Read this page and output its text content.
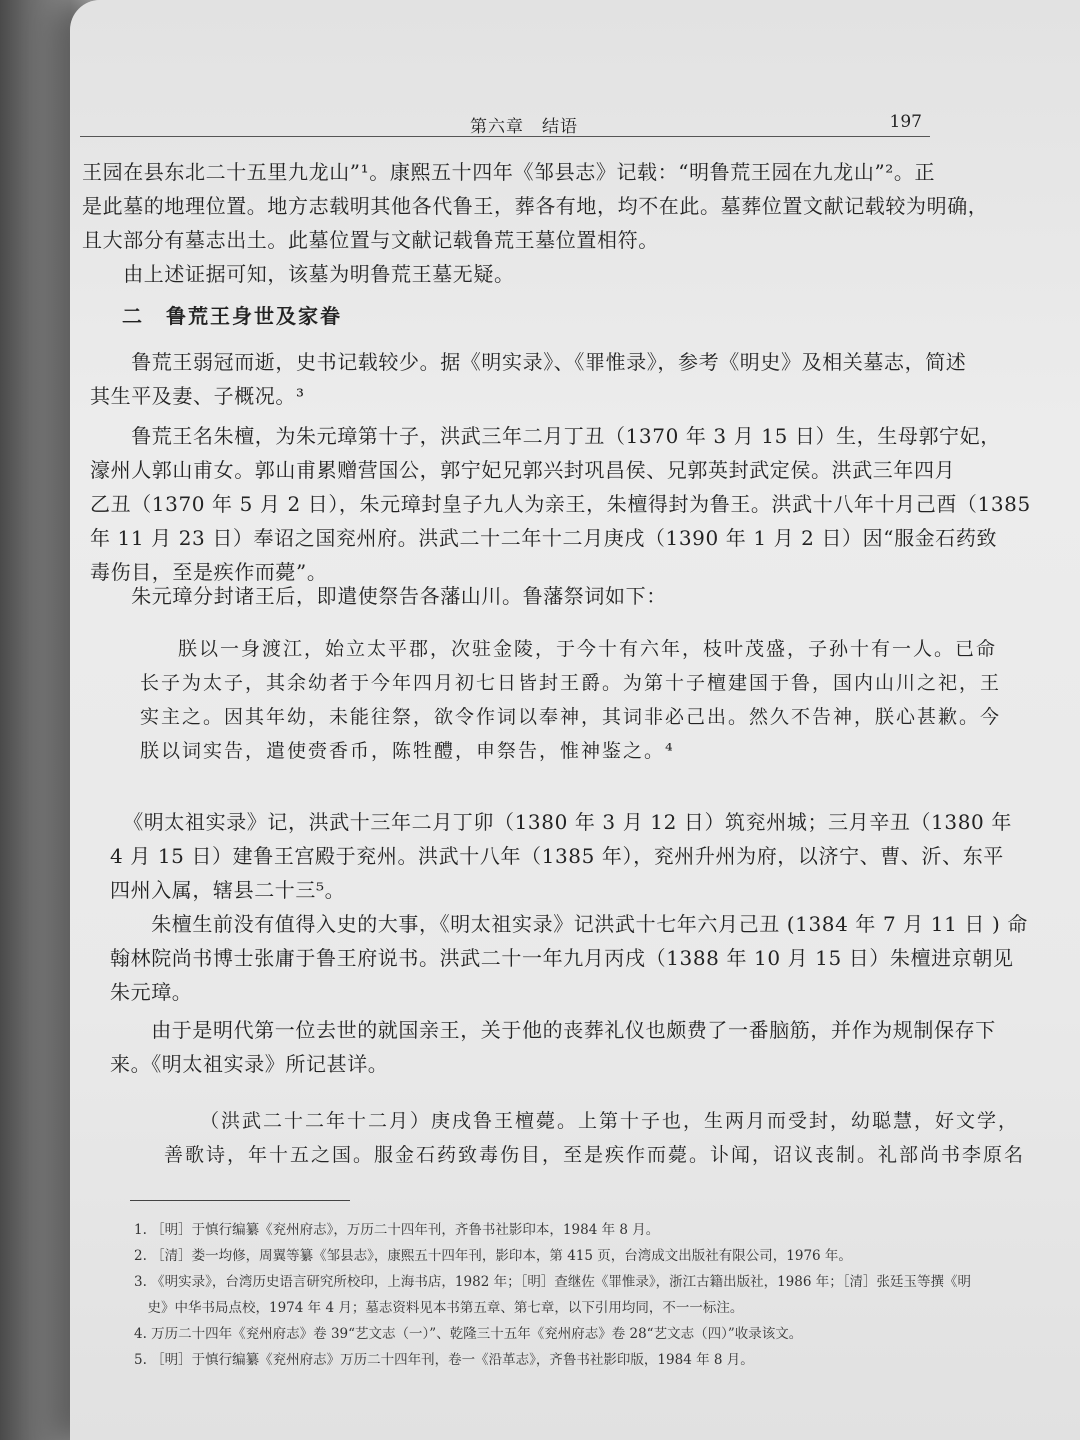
第六章　结语	197
王园在县东北二十五里九龙山”¹。康熙五十四年《邹县志》记载：“明鲁荒王园在九龙山”²。正
是此墓的地理位置。地方志载明其他各代鲁王，葬各有地，均不在此。墓葬位置文献记载较为明确，
且大部分有墓志出土。此墓位置与文献记载鲁荒王墓位置相符。
　　由上述证据可知，该墓为明鲁荒王墓无疑。
二　鲁荒王身世及家眷
　　鲁荒王弱冠而逝，史书记载较少。据《明实录》、《罪惟录》，参考《明史》及相关墓志，简述
其生平及妻、子概况。³
　　鲁荒王名朱檀，为朱元璋第十子，洪武三年二月丁丑（1370 年 3 月 15 日）生，生母郭宁妃，
濠州人郭山甫女。郭山甫累赠营国公，郭宁妃兄郭兴封巩昌侯、兄郭英封武定侯。洪武三年四月
乙丑（1370 年 5 月 2 日），朱元璋封皇子九人为亲王，朱檀得封为鲁王。洪武十八年十月己酉（1385
年 11 月 23 日）奉诏之国兖州府。洪武二十二年十二月庚戌（1390 年 1 月 2 日）因“服金石药致
毒伤目，至是疾作而薨”。
　　朱元璋分封诸王后，即遣使祭告各藩山川。鲁藩祭词如下：
朕以一身渡江，始立太平郡，次驻金陵，于今十有六年，枝叶茂盛，子孙十有一人。已命
长子为太子，其余幼者于今年四月初七日皆封王爵。为第十子檀建国于鲁，国内山川之祀，王
实主之。因其年幼，未能往祭，欲令作词以奉神，其词非必己出。然久不告神，朕心甚歉。今
朕以词实告，遣使赍香币，陈牲醴，申祭告，惟神鉴之。⁴
　　《明太祖实录》记，洪武十三年二月丁卯（1380 年 3 月 12 日）筑兖州城；三月辛丑（1380 年
4 月 15 日）建鲁王宫殿于兖州。洪武十八年（1385 年），兖州升州为府，以济宁、曹、沂、东平
四州入属，辖县二十三⁵。
　　朱檀生前没有值得入史的大事，《明太祖实录》记洪武十七年六月己丑 (1384 年 7 月 11 日 ) 命
翰林院尚书博士张庸于鲁王府说书。洪武二十一年九月丙戌（1388 年 10 月 15 日）朱檀进京朝见
朱元璋。
　　由于是明代第一位去世的就国亲王，关于他的丧葬礼仪也颇费了一番脑筋，并作为规制保存下
来。《明太祖实录》所记甚详。
（洪武二十二年十二月）庚戌鲁王檀薨。上第十子也，生两月而受封，幼聪慧，好文学，
善歌诗，年十五之国。服金石药致毒伤目，至是疾作而薨。讣闻，诏议丧制。礼部尚书李原名
1. ［明］于慎行编纂《兖州府志》，万历二十四年刊，齐鲁书社影印本，1984 年 8 月。
2. ［清］娄一均修，周翼等纂《邹县志》，康熙五十四年刊，影印本，第 415 页，台湾成文出版社有限公司，1976 年。
3. 《明实录》，台湾历史语言研究所校印，上海书店，1982 年；［明］查继佐《罪惟录》，浙江古籍出版社，1986 年；［清］张廷玉等撰《明
　史》中华书局点校，1974 年 4 月；墓志资料见本书第五章、第七章，以下引用均同，不一一标注。
4. 万历二十四年《兖州府志》卷 39“艺文志（一）”、乾隆三十五年《兖州府志》卷 28“艺文志（四）”收录该文。
5. ［明］于慎行编纂《兖州府志》万历二十四年刊，卷一《沿革志》，齐鲁书社影印版，1984 年 8 月。
